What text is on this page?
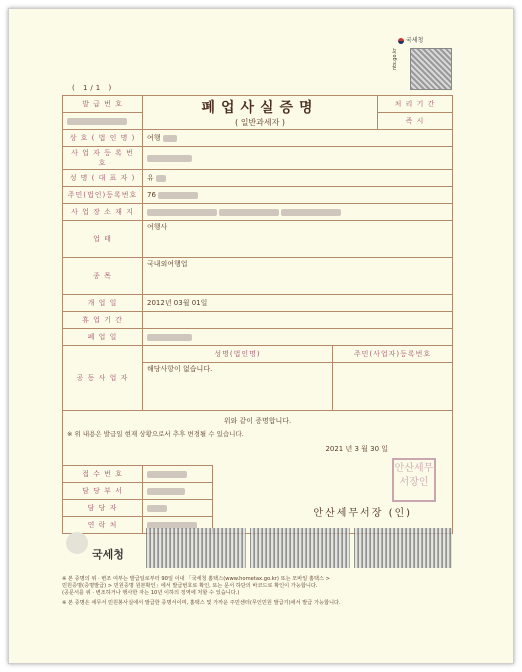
국세청
nts.go.kr
( 1/1 )
발 급 번 호	폐업사실증명
( 일반과세자 )			처 리 기 간
				즉 시
상 호 ( 법 인 명 )	여행			
사 업 자 등 록 번 호				
성 명 ( 대 표 자 )	유			
주민(법인)등록번호	76			
사 업 장 소 재 지				
업 태	여행사			
종 목	국내외여행업			
개 업 일	2012년 03월 01일			
휴 업 기 간				
폐 업 일				
공 동 사 업 자	성명(법인명)		주민(사업자)등록번호	
	해당사항이 없습니다.			

위와 같이 증명합니다.
※ 위 내용은 발급일 현재 상황으로서 추후 변경될 수 있습니다.
2021 년 3 월 30 일				

접 수 번 호		안산세무서장 (인)		

담 당 부 서				
담 당 자				
연 락 처				
안산세무서장인
국세청
※ 본 증명의 위 · 변조 여부는 발급일로부터 90일 이내 「국세청 홈택스(www.hometax.go.kr) 또는 모바일 홈택스 >
민원증명(증명발급) > 민원증명 원본확인」에서 발급번호로 확인, 또는 문서 하단의 바코드로 확인이 가능합니다.
(공문서를 위 · 변조하거나 행사한 자는 10년 이하의 징역에 처할 수 있습니다.)
※ 본 증명은 세무서 민원봉사실에서 발급한 증명서이며, 홈택스 및 가까운 주민센터(무인민원 발급기)에서 발급 가능합니다.
